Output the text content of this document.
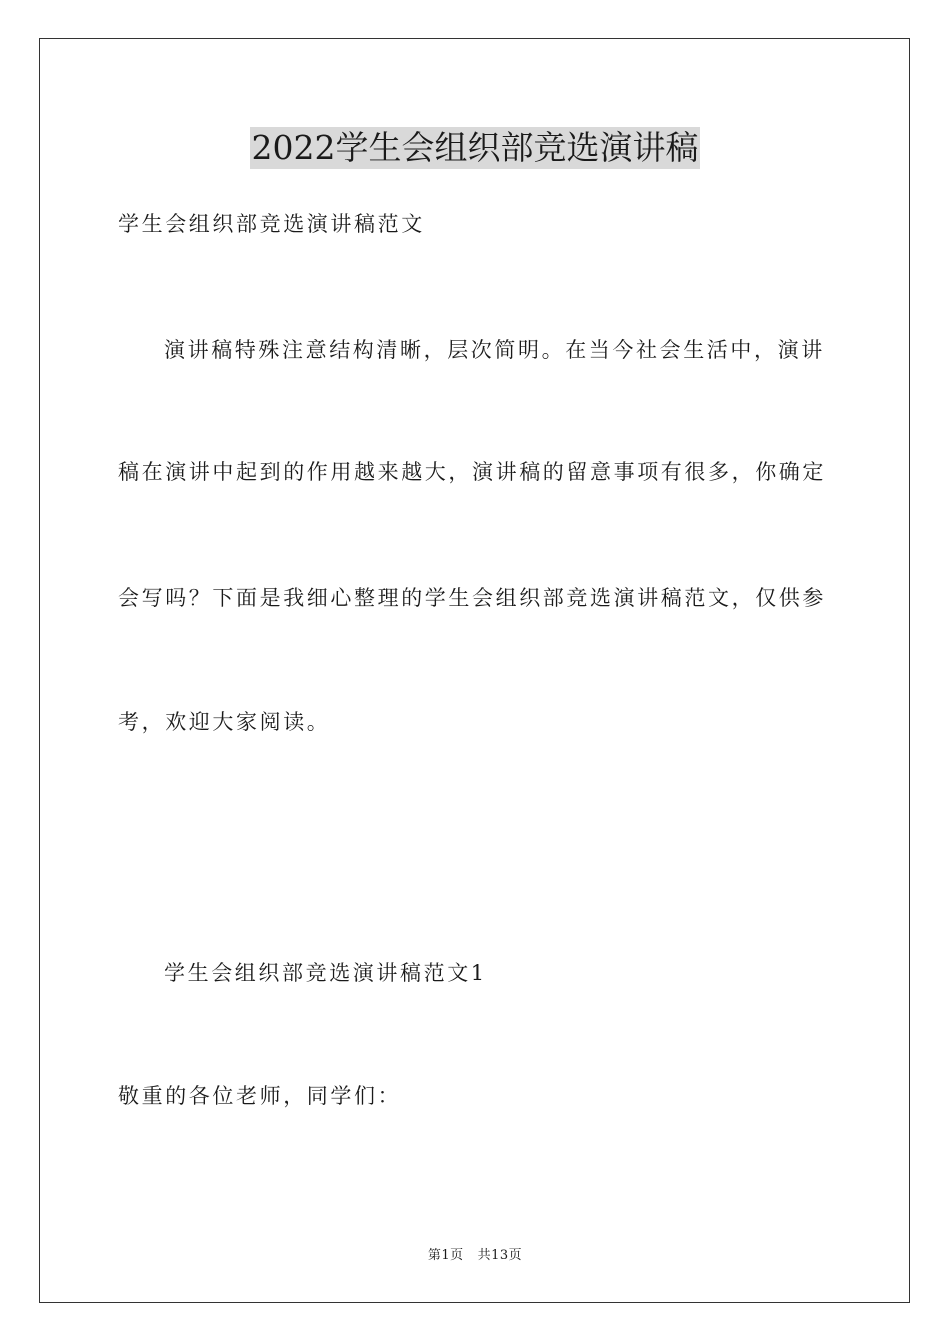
2022学生会组织部竞选演讲稿
学生会组织部竞选演讲稿范文
演讲稿特殊注意结构清晰，层次简明。在当今社会生活中，演讲
稿在演讲中起到的作用越来越大，演讲稿的留意事项有很多，你确定
会写吗？下面是我细心整理的学生会组织部竞选演讲稿范文，仅供参
考，欢迎大家阅读。
学生会组织部竞选演讲稿范文1
敬重的各位老师，同学们：
第1页 共13页
